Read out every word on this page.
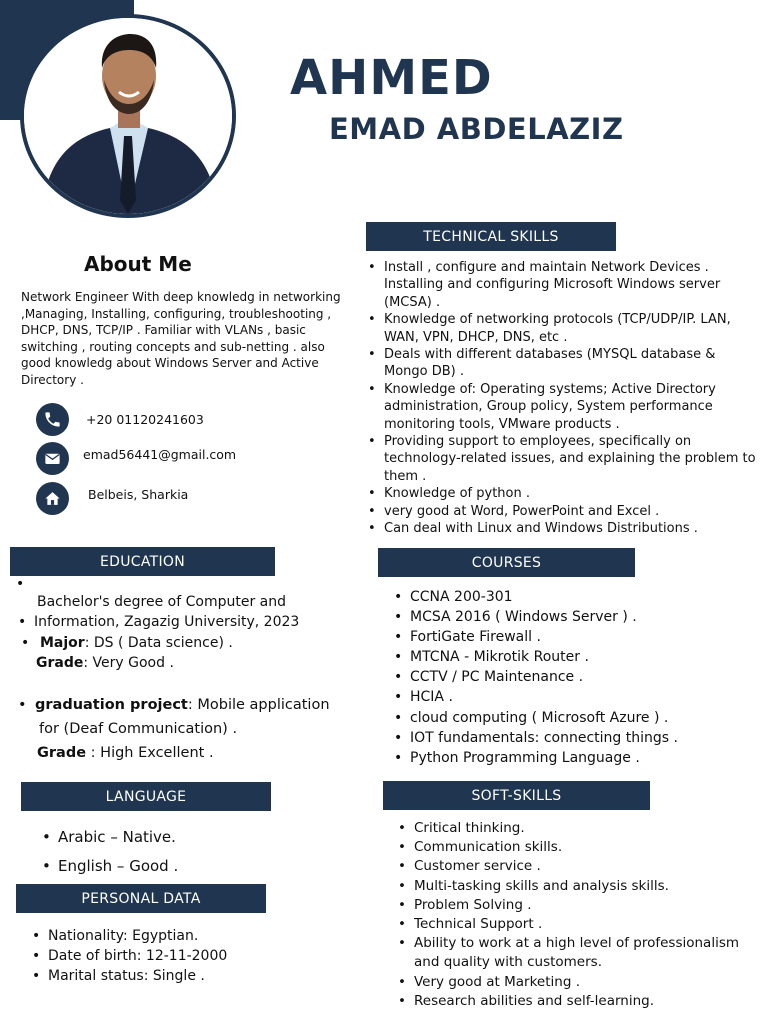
AHMED
EMAD ABDELAZIZ
About Me

Network Engineer With deep knowledg in networking ,Managing, Installing, configuring, troubleshooting , DHCP, DNS, TCP/IP . Familiar with VLANs , basic switching , routing concepts and sub-netting . also good knowledg about Windows Server and Active Directory .

+20 01120241603
emad56441@gmail.com
Belbeis, Sharkia
TECHNICAL SKILLS
• Install , configure and maintain Network Devices . Installing and configuring Microsoft Windows server (MCSA) .
• Knowledge of networking protocols (TCP/UDP/IP. LAN, WAN, VPN, DHCP, DNS, etc .
• Deals with different databases (MYSQL database & Mongo DB) .
• Knowledge of: Operating systems; Active Directory administration, Group policy, System performance monitoring tools, VMware products .
• Providing support to employees, specifically on technology-related issues, and explaining the problem to them .
• Knowledge of python .
• very good at Word, PowerPoint and Excel .
• Can deal with Linux and Windows Distributions .
EDUCATION
•
Bachelor's degree of Computer and
• Information, Zagazig University, 2023
• Major: DS ( Data science) .
Grade: Very Good .
• graduation project: Mobile application
for (Deaf Communication) .
Grade : High Excellent .
COURSES
• CCNA 200-301
• MCSA 2016 ( Windows Server ) .
• FortiGate Firewall .
• MTCNA - Mikrotik Router .
• CCTV / PC Maintenance .
• HCIA .
• cloud computing ( Microsoft Azure ) .
• IOT fundamentals: connecting things .
• Python Programming Language .
LANGUAGE
• Arabic – Native.
• English – Good .
SOFT-SKILLS
• Critical thinking.
• Communication skills.
• Customer service .
• Multi-tasking skills and analysis skills.
• Problem Solving .
• Technical Support .
• Ability to work at a high level of professionalism and quality with customers.
• Very good at Marketing .
• Research abilities and self-learning.
PERSONAL DATA
• Nationality: Egyptian.
• Date of birth: 12-11-2000
• Marital status: Single .
